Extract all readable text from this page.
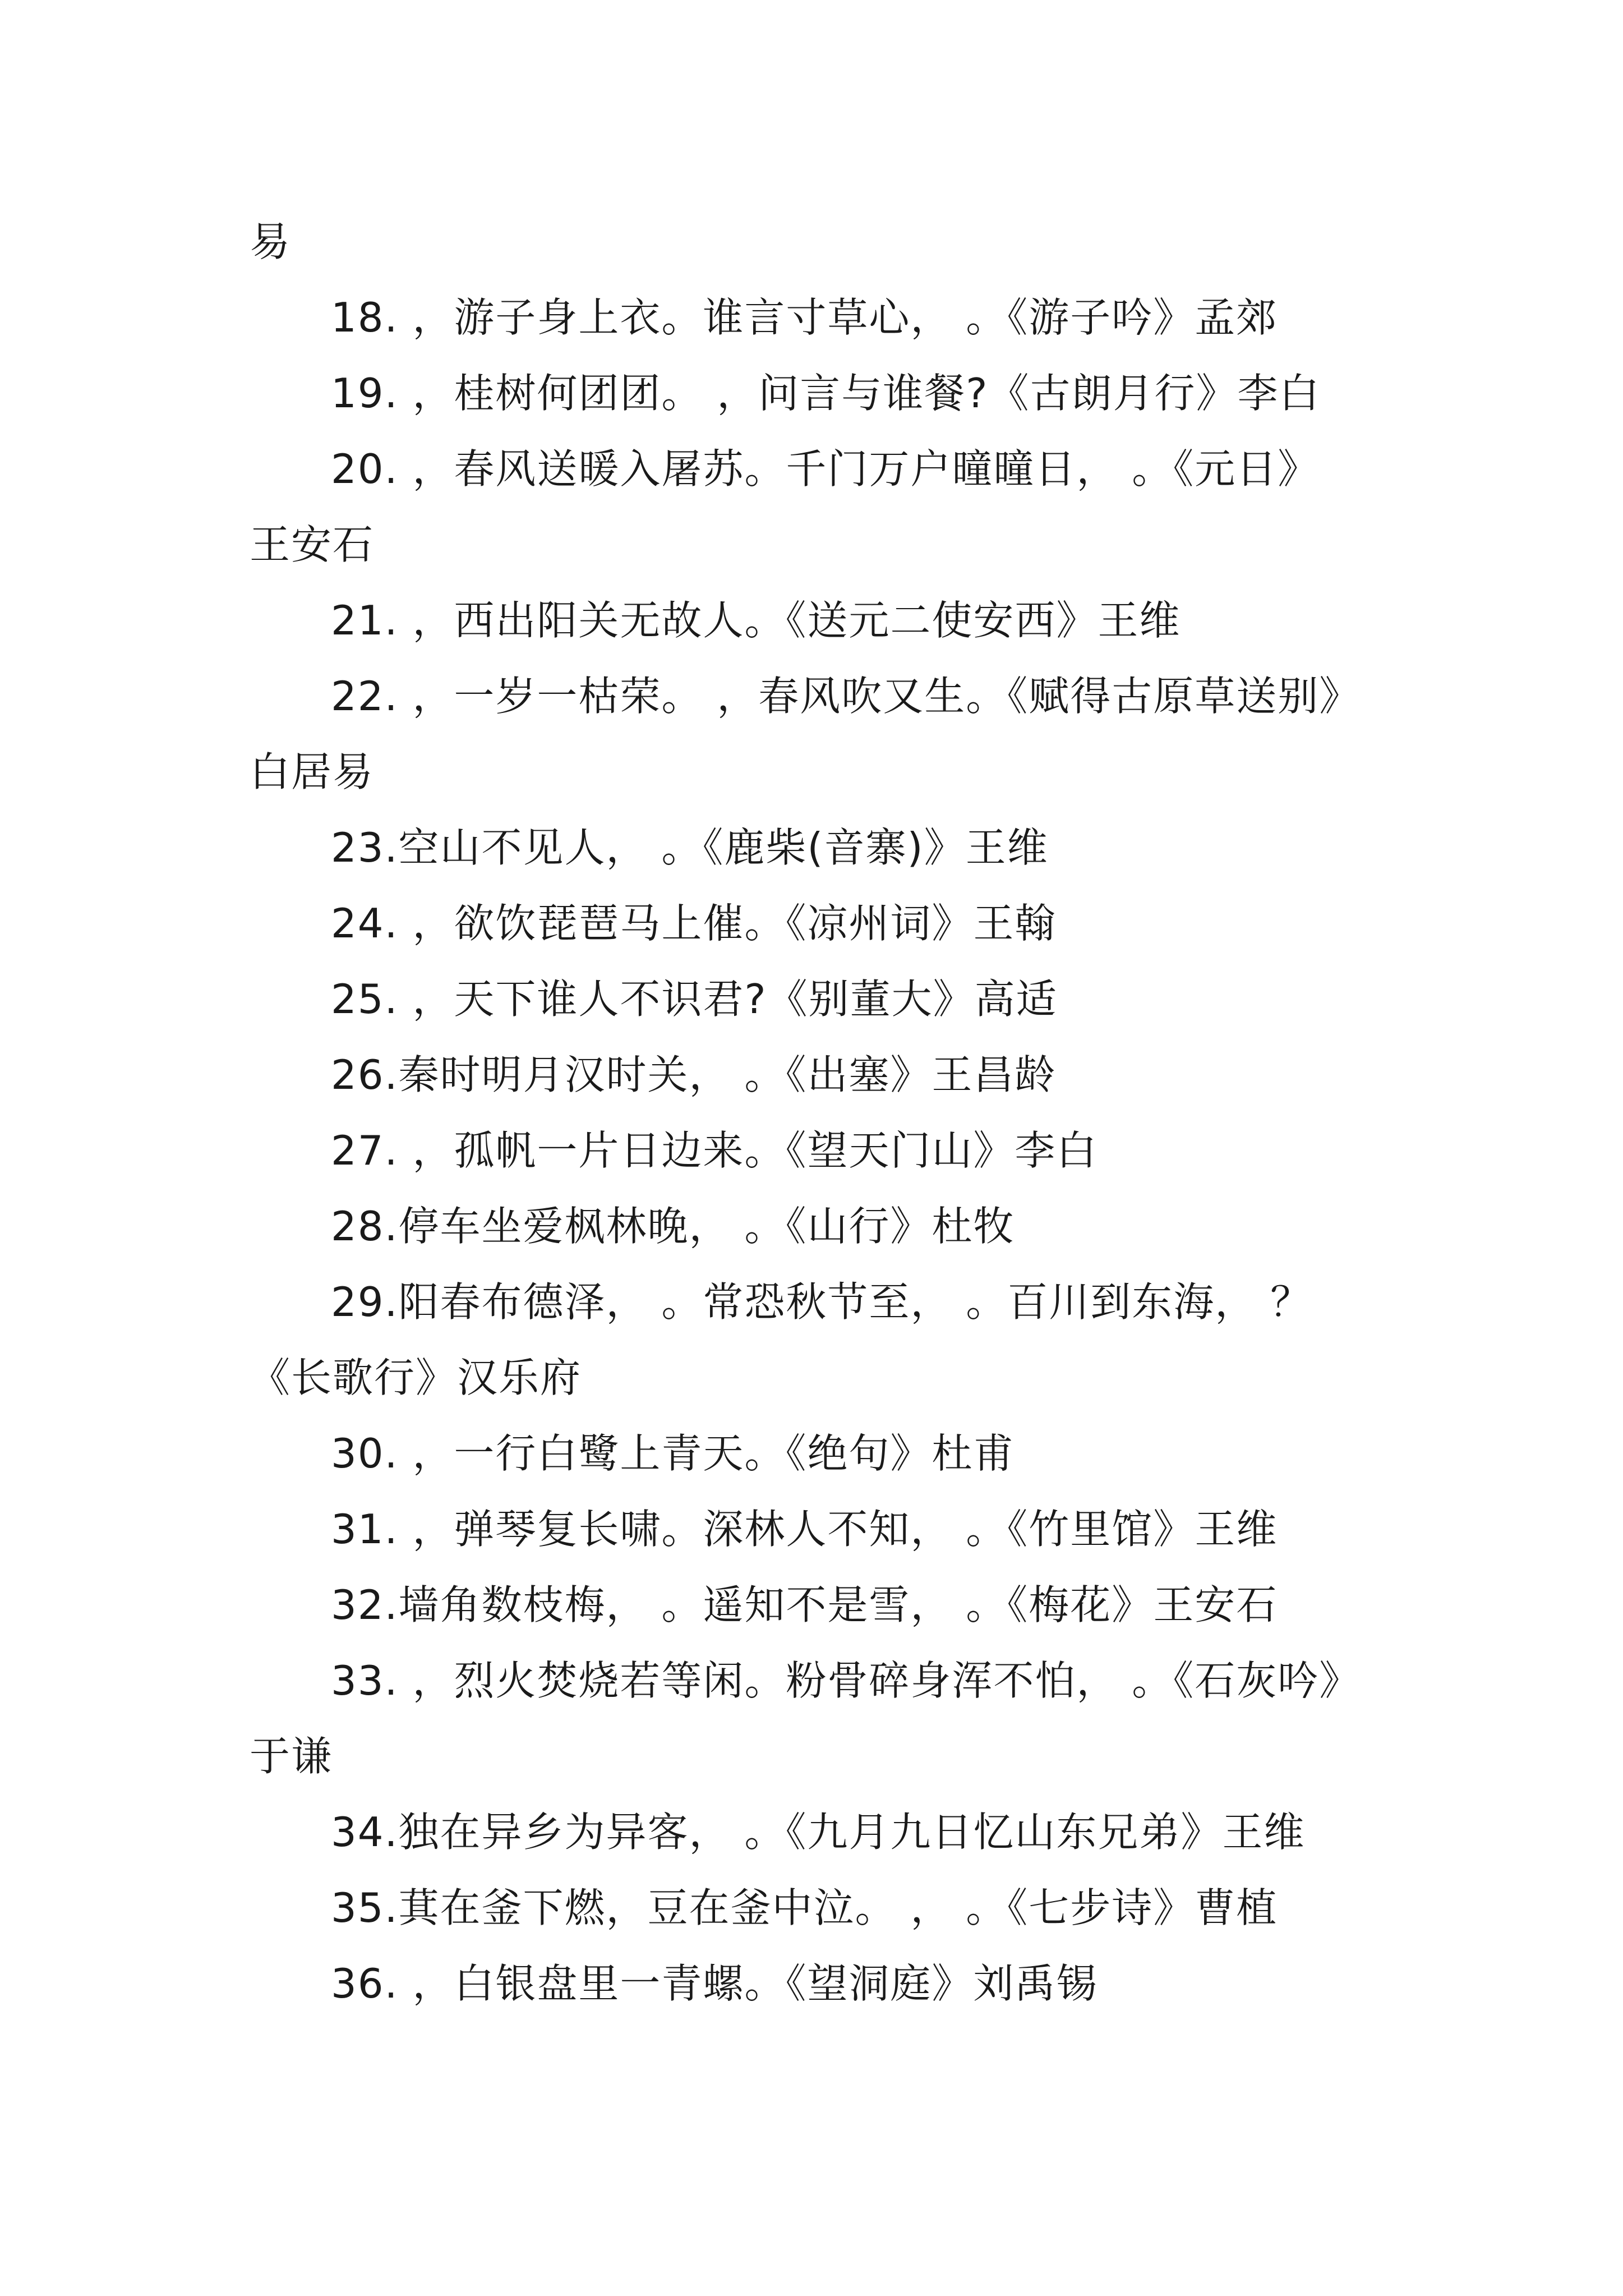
易
18. ，游子身上衣。谁言寸草心， 。《游子吟》孟郊
19. ，桂树何团团。 ，问言与谁餐?《古朗月行》李白
20. ，春风送暖入屠苏。千门万户曈曈日， 。《元日》
王安石
21. ，西出阳关无故人。《送元二使安西》王维
22. ，一岁一枯荣。 ，春风吹又生。《赋得古原草送别》
白居易
23.空山不见人， 。《鹿柴(音寨)》王维
24. ，欲饮琵琶马上催。《凉州词》王翰
25. ，天下谁人不识君?《别董大》高适
26.秦时明月汉时关， 。《出塞》王昌龄
27. ，孤帆一片日边来。《望天门山》李白
28.停车坐爱枫林晚， 。《山行》杜牧
29.阳春布德泽， 。常恐秋节至， 。百川到东海， ？
《长歌行》汉乐府
30. ，一行白鹭上青天。《绝句》杜甫
31. ，弹琴复长啸。深林人不知， 。《竹里馆》王维
32.墙角数枝梅， 。遥知不是雪， 。《梅花》王安石
33. ，烈火焚烧若等闲。粉骨碎身浑不怕， 。《石灰吟》
于谦
34.独在异乡为异客， 。《九月九日忆山东兄弟》王维
35.萁在釜下燃，豆在釜中泣。 ， 。《七步诗》曹植
36. ，白银盘里一青螺。《望洞庭》刘禹锡
